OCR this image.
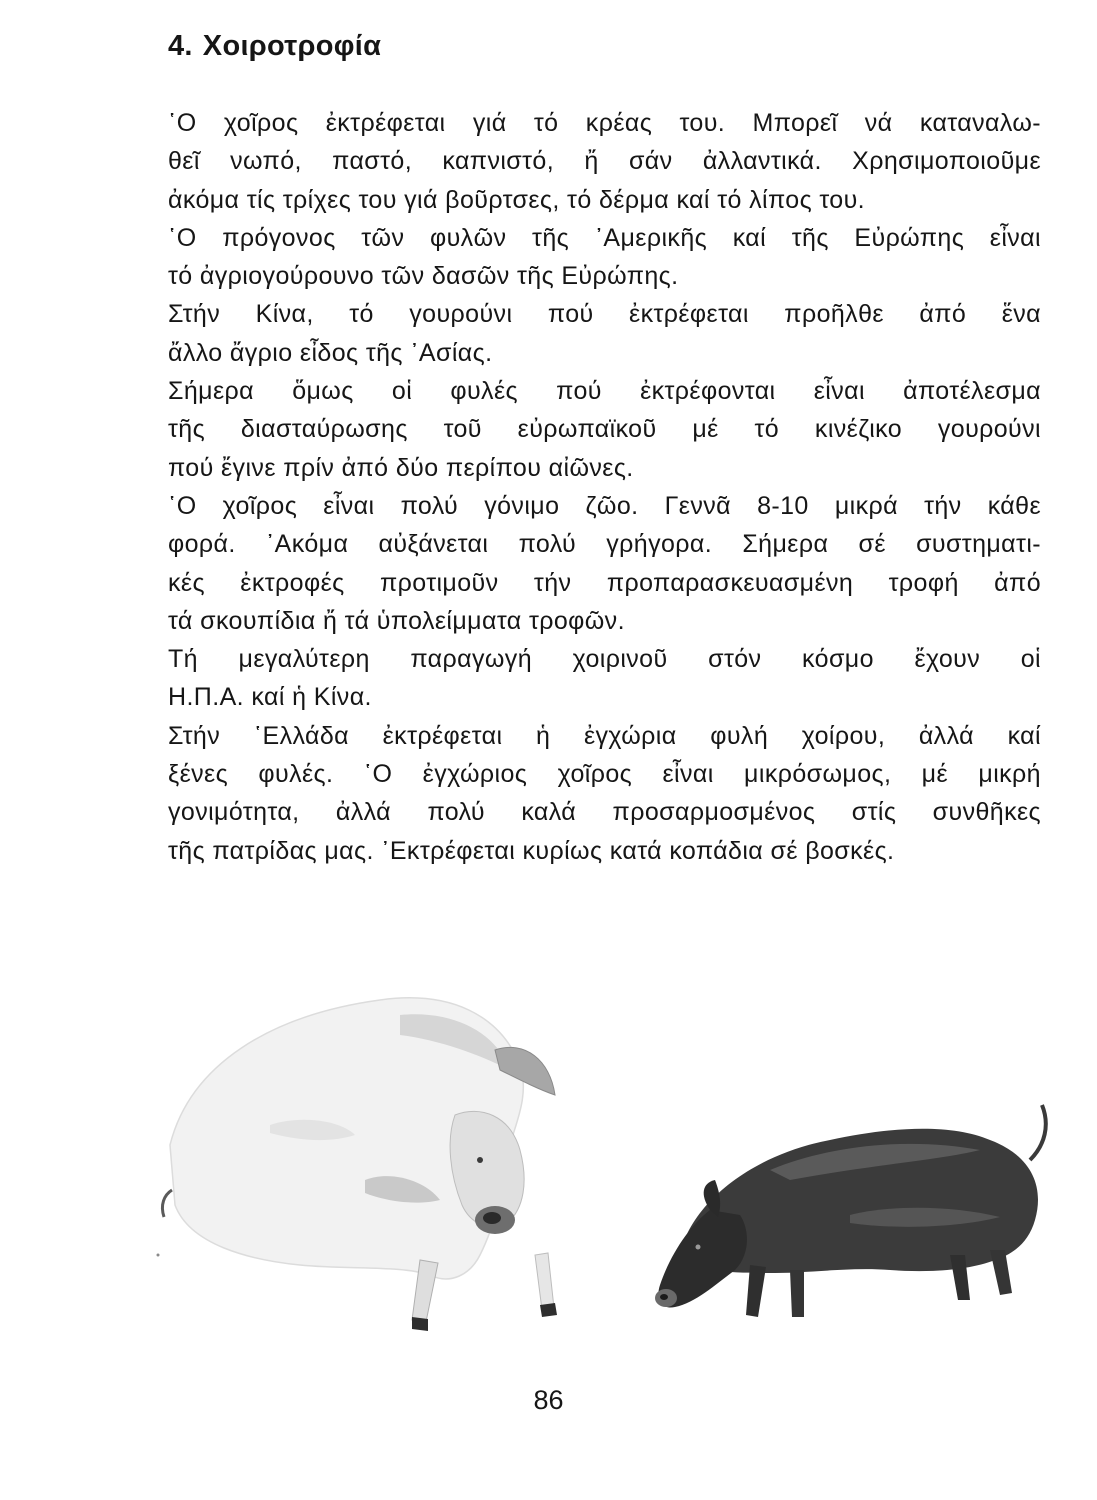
4. Χοιροτροφία
῾Ο χοῖρος ἐκτρέφεται γιά τό κρέας του. Μπορεῖ νά καταναλω-
θεῖ νωπό, παστό, καπνιστό, ἤ σάν ἀλλαντικά. Χρησιμοποιοῦμε
ἀκόμα τίς τρίχες του γιά βοῦρτσες, τό δέρμα καί τό λίπος του.
῾Ο πρόγονος τῶν φυλῶν τῆς ᾿Αμερικῆς καί τῆς Εὐρώπης εἶναι
τό ἀγριογούρουνο τῶν δασῶν τῆς Εὐρώπης.
Στήν Κίνα, τό γουρούνι πού ἐκτρέφεται προῆλθε ἀπό ἕνα
ἄλλο ἄγριο εἶδος τῆς ᾿Ασίας.
Σήμερα ὅμως οἱ φυλές πού ἐκτρέφονται εἶναι ἀποτέλεσμα
τῆς διασταύρωσης τοῦ εὐρωπαϊκοῦ μέ τό κινέζικο γουρούνι
πού ἔγινε πρίν ἀπό δύο περίπου αἰῶνες.
῾Ο χοῖρος εἶναι πολύ γόνιμο ζῶο. Γεννᾶ 8-10 μικρά τήν κάθε
φορά. ᾿Ακόμα αὐξάνεται πολύ γρήγορα. Σήμερα σέ συστηματι-
κές ἐκτροφές προτιμοῦν τήν προπαρασκευασμένη τροφή ἀπό
τά σκουπίδια ἤ τά ὑπολείμματα τροφῶν.
Τή μεγαλύτερη παραγωγή χοιρινοῦ στόν κόσμο ἔχουν οἱ
Η.Π.Α. καί ἡ Κίνα.
Στήν ῾Ελλάδα ἐκτρέφεται ἡ ἐγχώρια φυλή χοίρου, ἀλλά καί
ξένες φυλές. ῾Ο ἐγχώριος χοῖρος εἶναι μικρόσωμος, μέ μικρή
γονιμότητα, ἀλλά πολύ καλά προσαρμοσμένος στίς συνθῆκες
τῆς πατρίδας μας. ᾿Εκτρέφεται κυρίως κατά κοπάδια σέ βοσκές.
86
